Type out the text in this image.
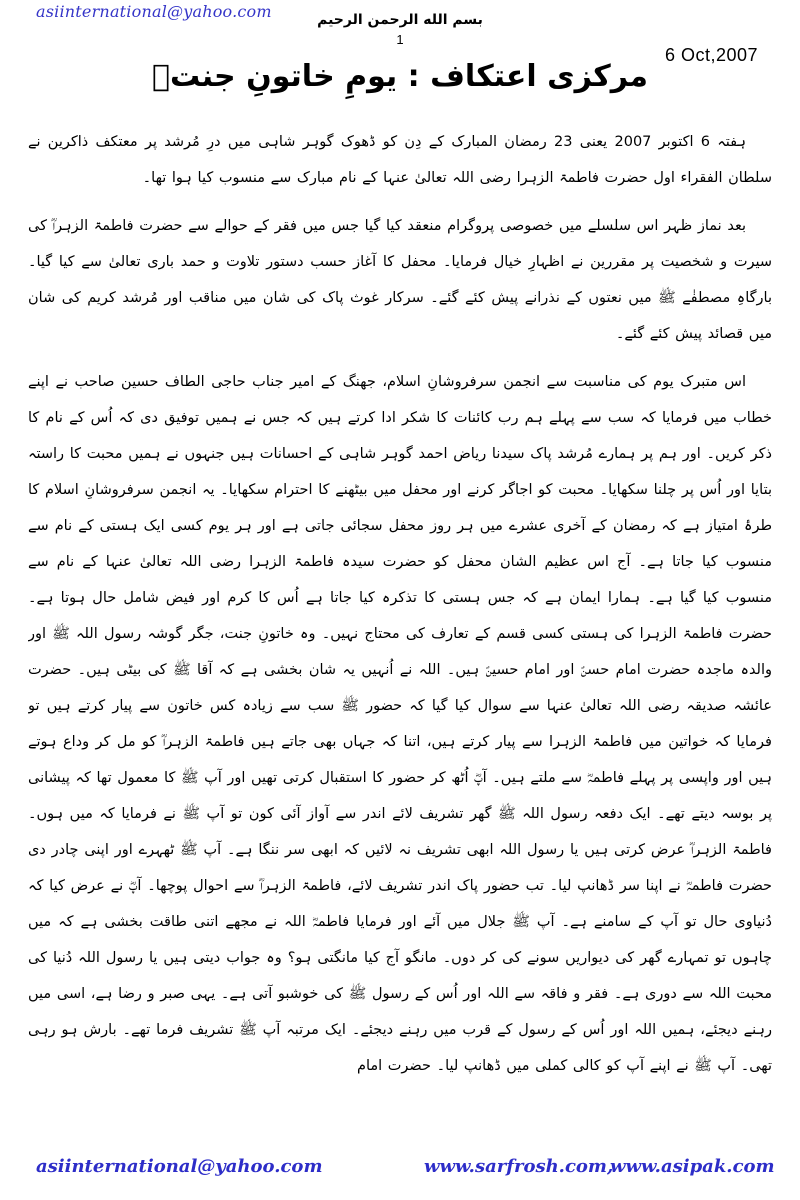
asiinternational@yahoo.com	بسم الله الرحمن الرحيم
1
6 Oct,2007
مرکزی اعتکاف : یومِ خاتونِ جنتؓ

ہفتہ 6 اکتوبر 2007 یعنی 23 رمضان المبارک کے دِن کو ڈھوک گوہر شاہی میں درِ مُرشد پر معتکف ذاکرین نے سلطان الفقراء اول حضرت فاطمۃ الزہرا رضی اللہ تعالیٰ عنہا کے نام مبارک سے منسوب کیا ہوا تھا۔

بعد نماز ظہر اس سلسلے میں خصوصی پروگرام منعقد کیا گیا جس میں فقر کے حوالے سے حضرت فاطمۃ الزہراؓ کی سیرت و شخصیت پر مقررین نے اظہارِ خیال فرمایا۔ محفل کا آغاز حسب دستور تلاوت و حمد باری تعالیٰ سے کیا گیا۔ بارگاہِ مصطفٰے ﷺ میں نعتوں کے نذرانے پیش کئے گئے۔ سرکار غوث پاک کی شان میں مناقب اور مُرشد کریم کی شان میں قصائد پیش کئے گئے۔

اس متبرک یوم کی مناسبت سے انجمن سرفروشانِ اسلام، جھنگ کے امیر جناب حاجی الطاف حسین صاحب نے اپنے خطاب میں فرمایا کہ سب سے پہلے ہم رب کائنات کا شکر ادا کرتے ہیں کہ جس نے ہمیں توفیق دی کہ اُس کے نام کا ذکر کریں۔ اور ہم پر ہمارے مُرشد پاک سیدنا ریاض احمد گوہر شاہی کے احسانات ہیں جنہوں نے ہمیں محبت کا راستہ بتایا اور اُس پر چلنا سکھایا۔ محبت کو اجاگر کرنے اور محفل میں بیٹھنے کا احترام سکھایا۔ یہ انجمن سرفروشانِ اسلام کا طرۂ امتیاز ہے کہ رمضان کے آخری عشرے میں ہر روز محفل سجائی جاتی ہے اور ہر یوم کسی ایک ہستی کے نام سے منسوب کیا جاتا ہے۔ آج اس عظیم الشان محفل کو حضرت سیدہ فاطمۃ الزہرا رضی اللہ تعالیٰ عنہا کے نام سے منسوب کیا گیا ہے۔ ہمارا ایمان ہے کہ جس ہستی کا تذکرہ کیا جاتا ہے اُس کا کرم اور فیض شامل حال ہوتا ہے۔ حضرت فاطمۃ الزہرا کی ہستی کسی قسم کے تعارف کی محتاج نہیں۔ وہ خاتونِ جنت، جگر گوشہ رسول اللہ ﷺ اور والدہ ماجدہ حضرت امام حسنؑ اور امام حسینؑ ہیں۔ اللہ نے اُنہیں یہ شان بخشی ہے کہ آقا ﷺ کی بیٹی ہیں۔ حضرت عائشہ صدیقہ رضی اللہ تعالیٰ عنہا سے سوال کیا گیا کہ حضور ﷺ سب سے زیادہ کس خاتون سے پیار کرتے ہیں تو فرمایا کہ خواتین میں فاطمۃ الزہرا سے پیار کرتے ہیں، اتنا کہ جہاں بھی جاتے ہیں فاطمۃ الزہراؓ کو مل کر وداع ہوتے ہیں اور واپسی پر پہلے فاطمہؓ سے ملتے ہیں۔ آپؓ اُٹھ کر حضور کا استقبال کرتی تھیں اور آپ ﷺ کا معمول تھا کہ پیشانی پر بوسہ دیتے تھے۔ ایک دفعہ رسول اللہ ﷺ گھر تشریف لائے اندر سے آواز آئی کون تو آپ ﷺ نے فرمایا کہ میں ہوں۔ فاطمۃ الزہراؓ عرض کرتی ہیں یا رسول اللہ ابھی تشریف نہ لائیں کہ ابھی سر ننگا ہے۔ آپ ﷺ ٹھہرے اور اپنی چادر دی حضرت فاطمہؓ نے اپنا سر ڈھانپ لیا۔ تب حضور پاک اندر تشریف لائے، فاطمۃ الزہراؓ سے احوال پوچھا۔ آپؓ نے عرض کیا کہ دُنیاوی حال تو آپ کے سامنے ہے۔ آپ ﷺ جلال میں آئے اور فرمایا فاطمہؓ اللہ نے مجھے اتنی طاقت بخشی ہے کہ میں چاہوں تو تمہارے گھر کی دیواریں سونے کی کر دوں۔ مانگو آج کیا مانگتی ہو؟ وہ جواب دیتی ہیں یا رسول اللہ دُنیا کی محبت اللہ سے دوری ہے۔ فقر و فاقہ سے اللہ اور اُس کے رسول ﷺ کی خوشبو آتی ہے۔ یہی صبر و رضا ہے، اسی میں رہنے دیجئے، ہمیں اللہ اور اُس کے رسول کے قرب میں رہنے دیجئے۔ ایک مرتبہ آپ ﷺ تشریف فرما تھے۔ بارش ہو رہی تھی۔ آپ ﷺ نے اپنے آپ کو کالی کملی میں ڈھانپ لیا۔ حضرت امام

asiinternational@yahoo.com	www.sarfrosh.com,
www.asipak.com
